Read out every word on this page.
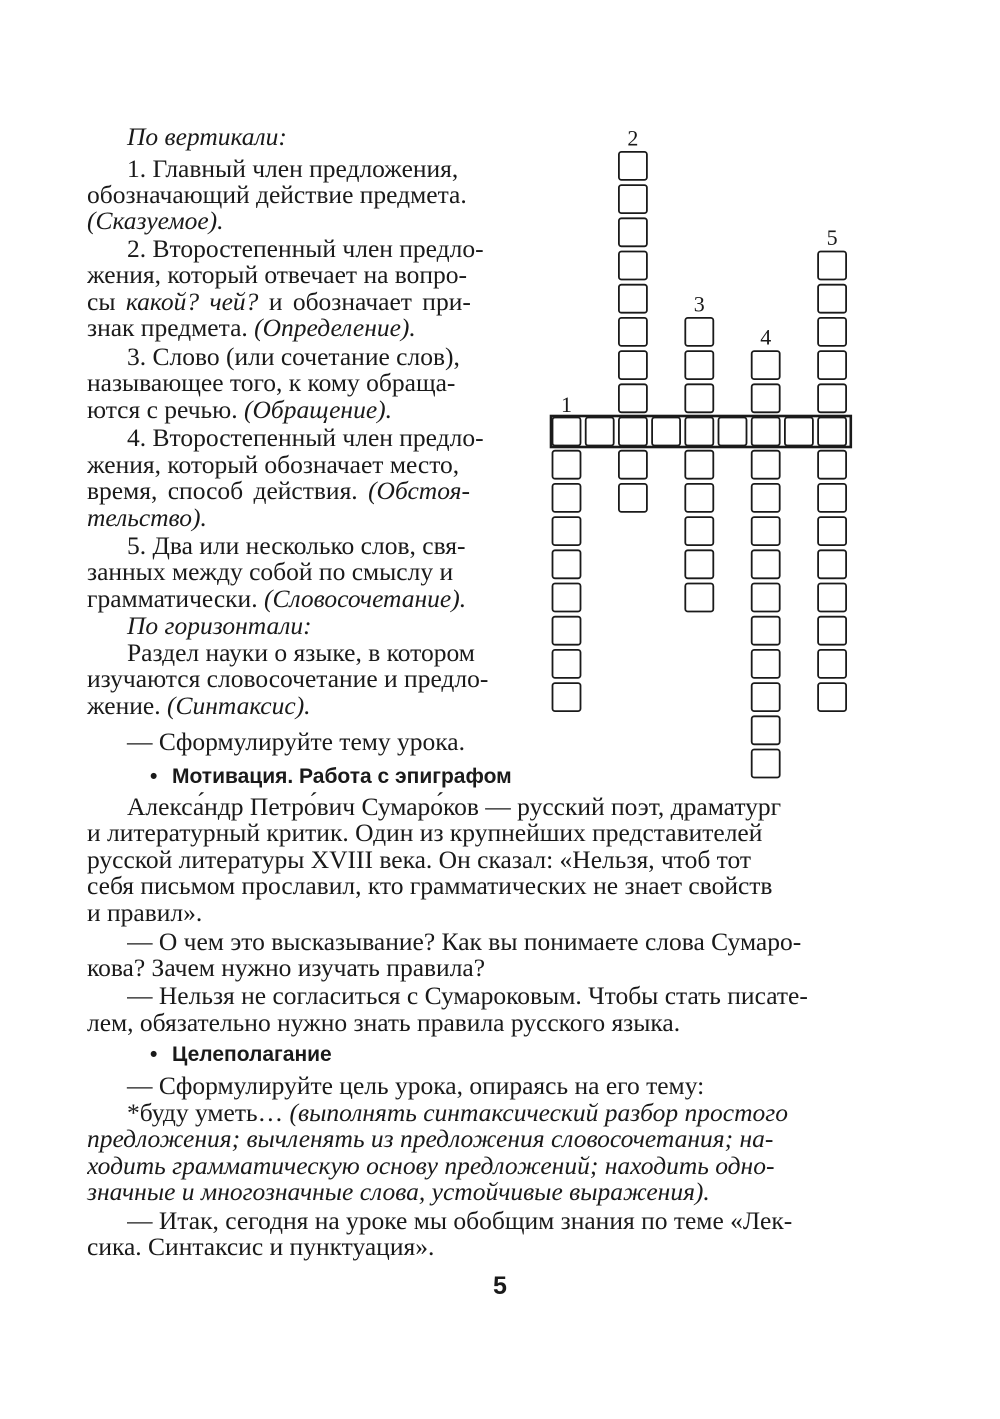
По вертикали:

1. Главный член предложения,

обозначающий действие предмета.

(Сказуемое).

2. Второстепенный член предло-

жения, который отвечает на вопро-

сы какой? чей? и обозначает при-

знак предмета. (Определение).

3. Слово (или сочетание слов),

называющее того, к кому обраща-

ются с речью. (Обращение).

4. Второстепенный член предло-

жения, который обозначает место,

время, способ действия. (Обстоя-

тельство).

5. Два или несколько слов, свя-

занных между собой по смыслу и

грамматически. (Словосочетание).

По горизонтали:

Раздел науки о языке, в котором

изучаются словосочетание и предло-

жение. (Синтаксис).

— Сформулируйте тему урока.

• Мотивация. Работа с эпиграфом

Алекса́ндр Петро́вич Сумаро́ков — русский поэт, драматург

и литературный критик. Один из крупнейших представителей

русской литературы XVIII века. Он сказал: «Нельзя, чтоб тот

себя письмом прославил, кто грамматических не знает свойств

и правил».

— О чем это высказывание? Как вы понимаете слова Сумаро-

кова? Зачем нужно изучать правила?

— Нельзя не согласиться с Сумароковым. Чтобы стать писате-

лем, обязательно нужно знать правила русского языка.

• Целеполагание

— Сформулируйте цель урока, опираясь на его тему:

*буду уметь… (выполнять синтаксический разбор простого

предложения; вычленять из предложения словосочетания; на-

ходить грамматическую основу предложений; находить одно-

значные и многозначные слова, устойчивые выражения).

— Итак, сегодня на уроке мы обобщим знания по теме «Лек-

сика. Синтаксис и пунктуация».

5
1
2
3
4
5
